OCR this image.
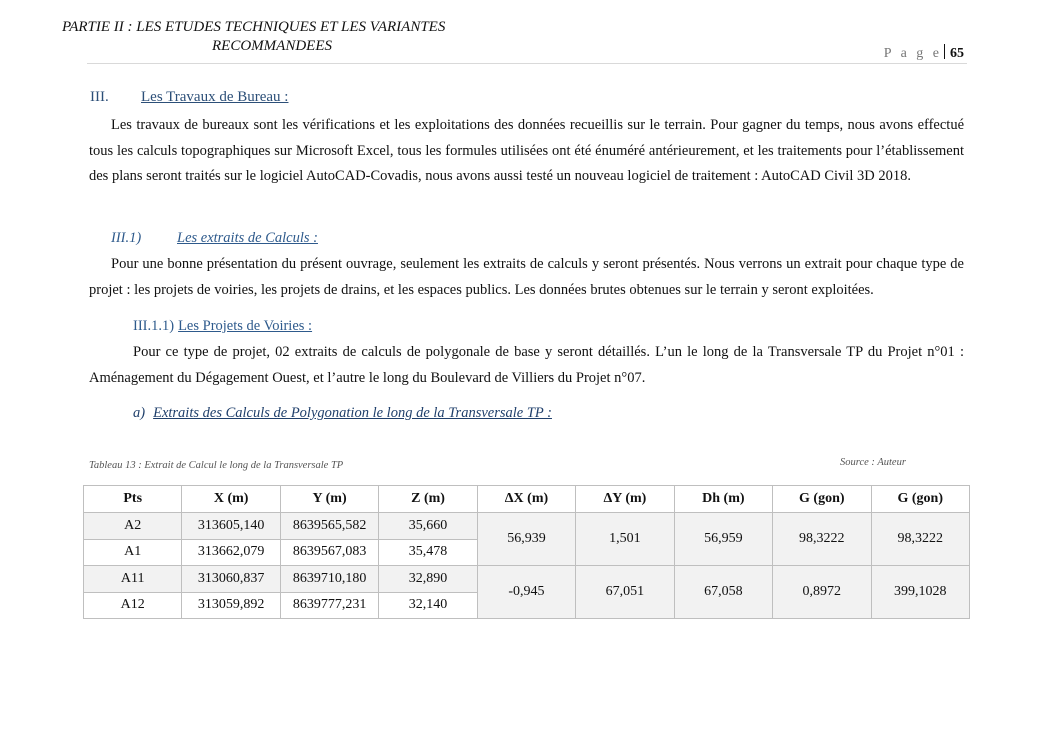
PARTIE II : LES ETUDES TECHNIQUES ET LES VARIANTES
RECOMMANDEES	P a g e 65
III. Les Travaux de Bureau :
Les travaux de bureaux sont les vérifications et les exploitations des données recueillis sur le terrain. Pour gagner du temps, nous avons effectué tous les calculs topographiques sur Microsoft Excel, tous les formules utilisées ont été énuméré antérieurement, et les traitements pour l’établissement des plans seront traités sur le logiciel AutoCAD-Covadis, nous avons aussi testé un nouveau logiciel de traitement : AutoCAD Civil 3D 2018.
III.1) Les extraits de Calculs :
Pour une bonne présentation du présent ouvrage, seulement les extraits de calculs y seront présentés. Nous verrons un extrait pour chaque type de projet : les projets de voiries, les projets de drains, et les espaces publics. Les données brutes obtenues sur le terrain y seront exploitées.
III.1.1) Les Projets de Voiries :
Pour ce type de projet, 02 extraits de calculs de polygonale de base y seront détaillés. L’un le long de la Transversale TP du Projet n°01 : Aménagement du Dégagement Ouest, et l’autre le long du Boulevard de Villiers du Projet n°07.
a) Extraits des Calculs de Polygonation le long de la Transversale TP :
Tableau 13 : Extrait de Calcul le long de la Transversale TP	Source : Auteur
Pts	X (m)	Y (m)	Z (m)	ΔX (m)	ΔY (m)	Dh (m)	G (gon)	G (gon)
A2	313605,140	8639565,582	35,660	56,939	1,501	56,959	98,3222	98,3222
A1	313662,079	8639567,083	35,478					
A11	313060,837	8639710,180	32,890	-0,945	67,051	67,058	0,8972	399,1028
A12	313059,892	8639777,231	32,140					
